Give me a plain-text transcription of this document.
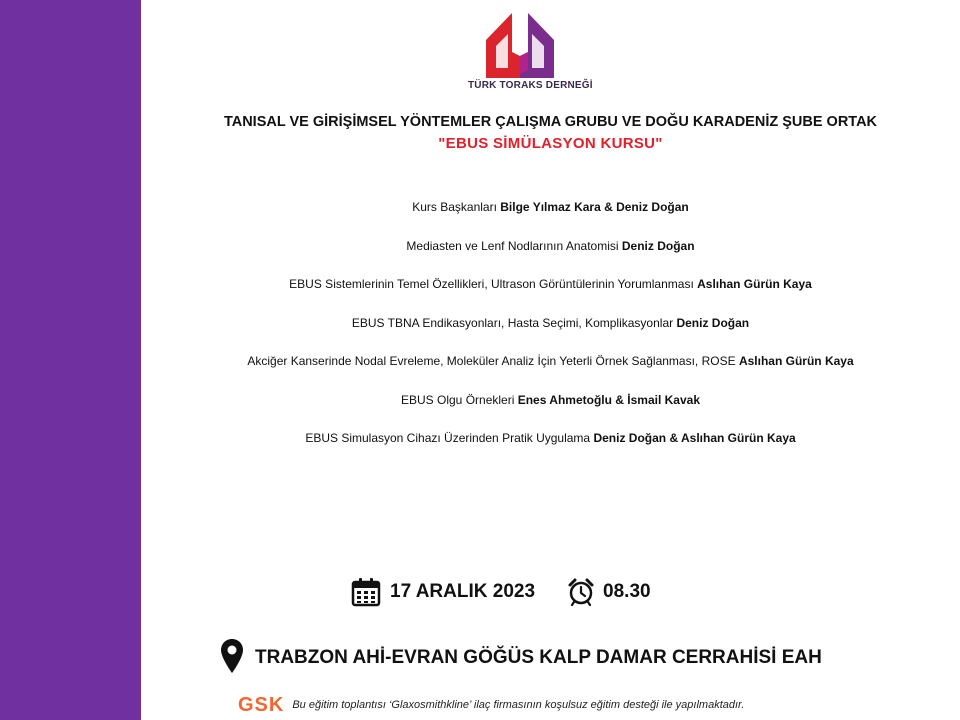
TÜRK TORAKS DERNEĞİ
TANISAL VE GİRİŞİMSEL YÖNTEMLER ÇALIŞMA GRUBU VE DOĞU KARADENİZ ŞUBE ORTAK
"EBUS SİMÜLASYON KURSU"
Kurs Başkanları Bilge Yılmaz Kara & Deniz Doğan
Mediasten ve Lenf Nodlarının Anatomisi Deniz Doğan
EBUS Sistemlerinin Temel Özellikleri, Ultrason Görüntülerinin Yorumlanması Aslıhan Gürün Kaya
EBUS TBNA Endikasyonları, Hasta Seçimi, Komplikasyonlar Deniz Doğan
Akciğer Kanserinde Nodal Evreleme, Moleküler Analiz İçin Yeterli Örnek Sağlanması, ROSE Aslıhan Gürün Kaya
EBUS Olgu Örnekleri Enes Ahmetoğlu & İsmail Kavak
EBUS Simulasyon Cihazı Üzerinden Pratik Uygulama Deniz Doğan & Aslıhan Gürün Kaya
17 ARALIK 2023	08.30
TRABZON AHİ-EVRAN GÖĞÜS KALP DAMAR CERRAHİSİ EAH
GSK Bu eğitim toplantısı ‘Glaxosmithkline’ ilaç firmasının koşulsuz eğitim desteği ile yapılmaktadır.
